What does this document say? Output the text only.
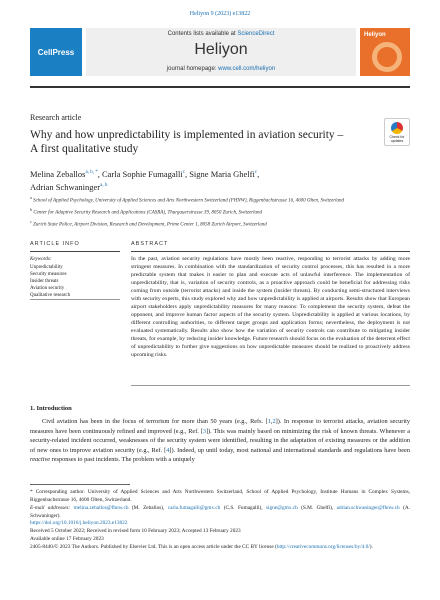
Heliyon 9 (2023) e13822
CellPress
Contents lists available at ScienceDirect
Heliyon
journal homepage: www.cell.com/heliyon
Heliyon
Research article
Why and how unpredictability is implemented in aviation security – A first qualitative study
Check for updates
Melina Zeballos$^{a, b, *}$, Carla Sophie Fumagalli$^c$, Signe Maria Ghelfi$^c$,
Adrian Schwaninger$^{a, b}$
$^a$ School of Applied Psychology, University of Applied Sciences and Arts Northwestern Switzerland (FHNW), Riggenbachstrasse 16, 4600 Olten, Switzerland
$^b$ Center for Adaptive Security Research and Applications (CASRA), Thurgauerstrasse 39, 8050 Zurich, Switzerland
$^c$ Zurich State Police, Airport Division, Research and Development, Prime Center 1, 8058 Zurich Airport, Switzerland
ARTICLE INFO	ABSTRACT
Keywords:
Unpredictability
Security measures
Insider threats
Aviation security
Qualitative research
In the past, aviation security regulations have mostly been reactive, responding to terrorist attacks by adding more stringent measures. In combination with the standardization of security control processes, this has resulted in a more predictable system that makes it easier to plan and execute acts of unlawful interference. The implementation of unpredictability, that is, variation of security controls, as a proactive approach could be beneficial for addressing risks coming from outside (terrorist attacks) and inside the system (insider threats). By conducting semi-structured interviews with security experts, this study explored why and how unpredictability is applied at airports. Results show that European airport stakeholders apply unpredictability measures for many reasons: To complement the security system, defeat the opponent, and improve human factor aspects of the security system. Unpredictability is applied at various locations, by different controlling authorities, to different target groups and application forms; nevertheless, the deployment is not evaluated systematically. Results also show how the variation of security controls can contribute to mitigating insider threats, for example, by reducing insider knowledge. Future research should focus on the evaluation of the deterrent effect of unpredictability to further give suggestions on how unpredictable measures should be realized to proactively address upcoming risks.
1. Introduction
Civil aviation has been in the focus of terrorism for more than 50 years (e.g., Refs. [1,2]). In response to terrorist attacks, aviation security measures have been continuously refined and improved (e.g., Ref. [3]). This was mainly based on minimizing the risk of known threats. Whenever a security-related incident occurred, weaknesses of the security system were identified, resulting in the adaptation of existing measures or the addition of new ones to improve aviation security (e.g., Ref. [4]). Indeed, up until today, most national and international standards and regulations have been reactive responses to past incidents. The problem with a uniquely
* Corresponding author. University of Applied Sciences and Arts Northwestern Switzerland, School of Applied Psychology, Institute Humans in Complex Systems, Riggenbachstrasse 16, 4600 Olten, Switzerland.
E-mail addresses: melina.zeballos@fhnw.ch (M. Zeballos), carla.fumagalli@gmx.ch (C.S. Fumagalli), signe@gmx.ch (S.M. Ghelfi), adrian.schwaninger@fhnw.ch (A. Schwaninger).
https://doi.org/10.1016/j.heliyon.2023.e13822
Received 5 October 2022; Received in revised form 10 February 2023; Accepted 13 February 2023
Available online 17 February 2023
2405-8440/© 2023 The Authors. Published by Elsevier Ltd. This is an open access article under the CC BY license (http://creativecommons.org/licenses/by/4.0/).
